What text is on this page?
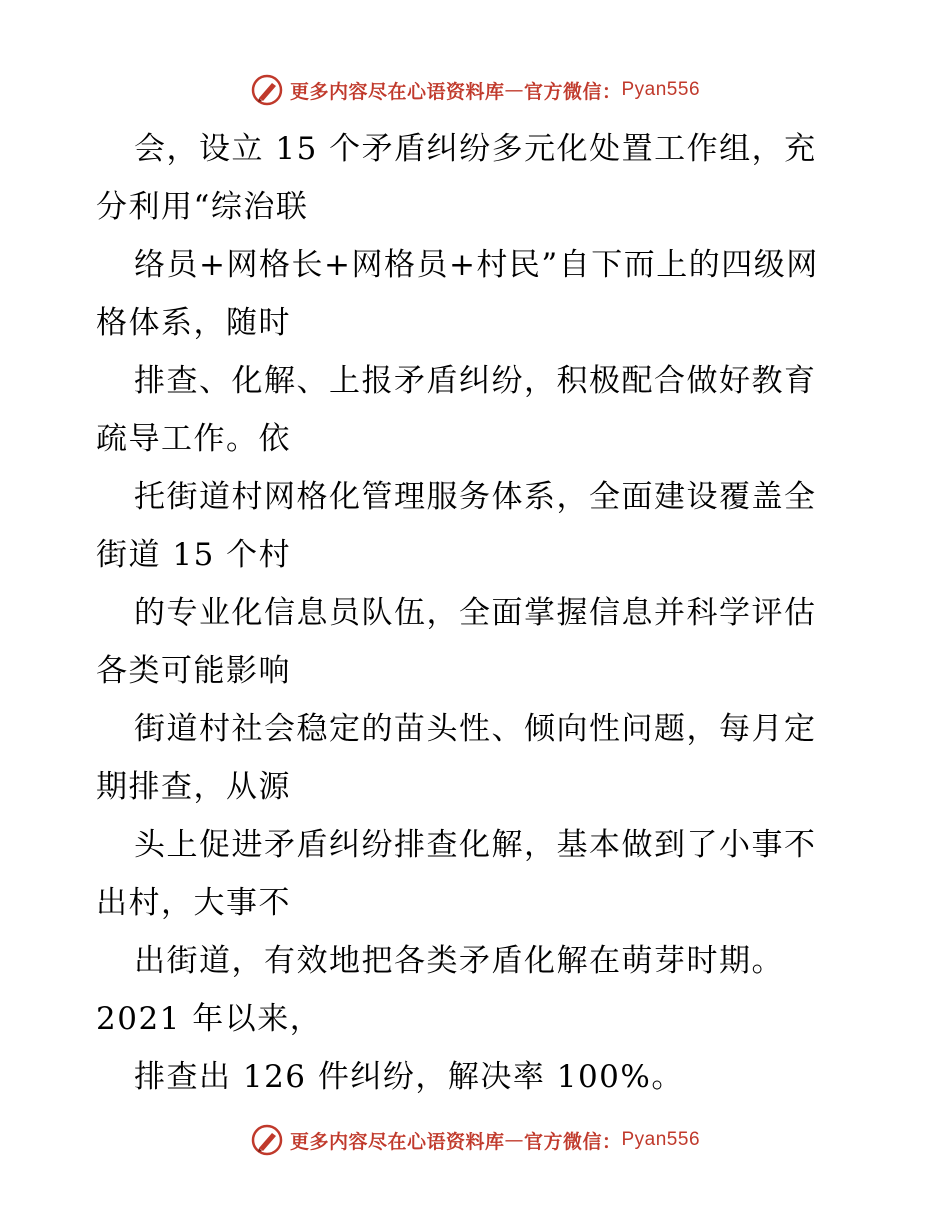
更多内容尽在心语资料库 — 官方微信： Pyan556
会，设立 15 个矛盾纠纷多元化处置工作组，充
分利用“综治联
络员+网格长+网格员+村民”自下而上的四级网
格体系，随时
排查、化解、上报矛盾纠纷，积极配合做好教育
疏导工作。依
托街道村网格化管理服务体系，全面建设覆盖全
街道 15 个村
的专业化信息员队伍，全面掌握信息并科学评估
各类可能影响
街道村社会稳定的苗头性、倾向性问题，每月定
期排查，从源
头上促进矛盾纠纷排查化解，基本做到了小事不
出村，大事不
出街道，有效地把各类矛盾化解在萌芽时期。
2021 年以来，
排查出 126 件纠纷，解决率 100%。
更多内容尽在心语资料库 — 官方微信： Pyan556
